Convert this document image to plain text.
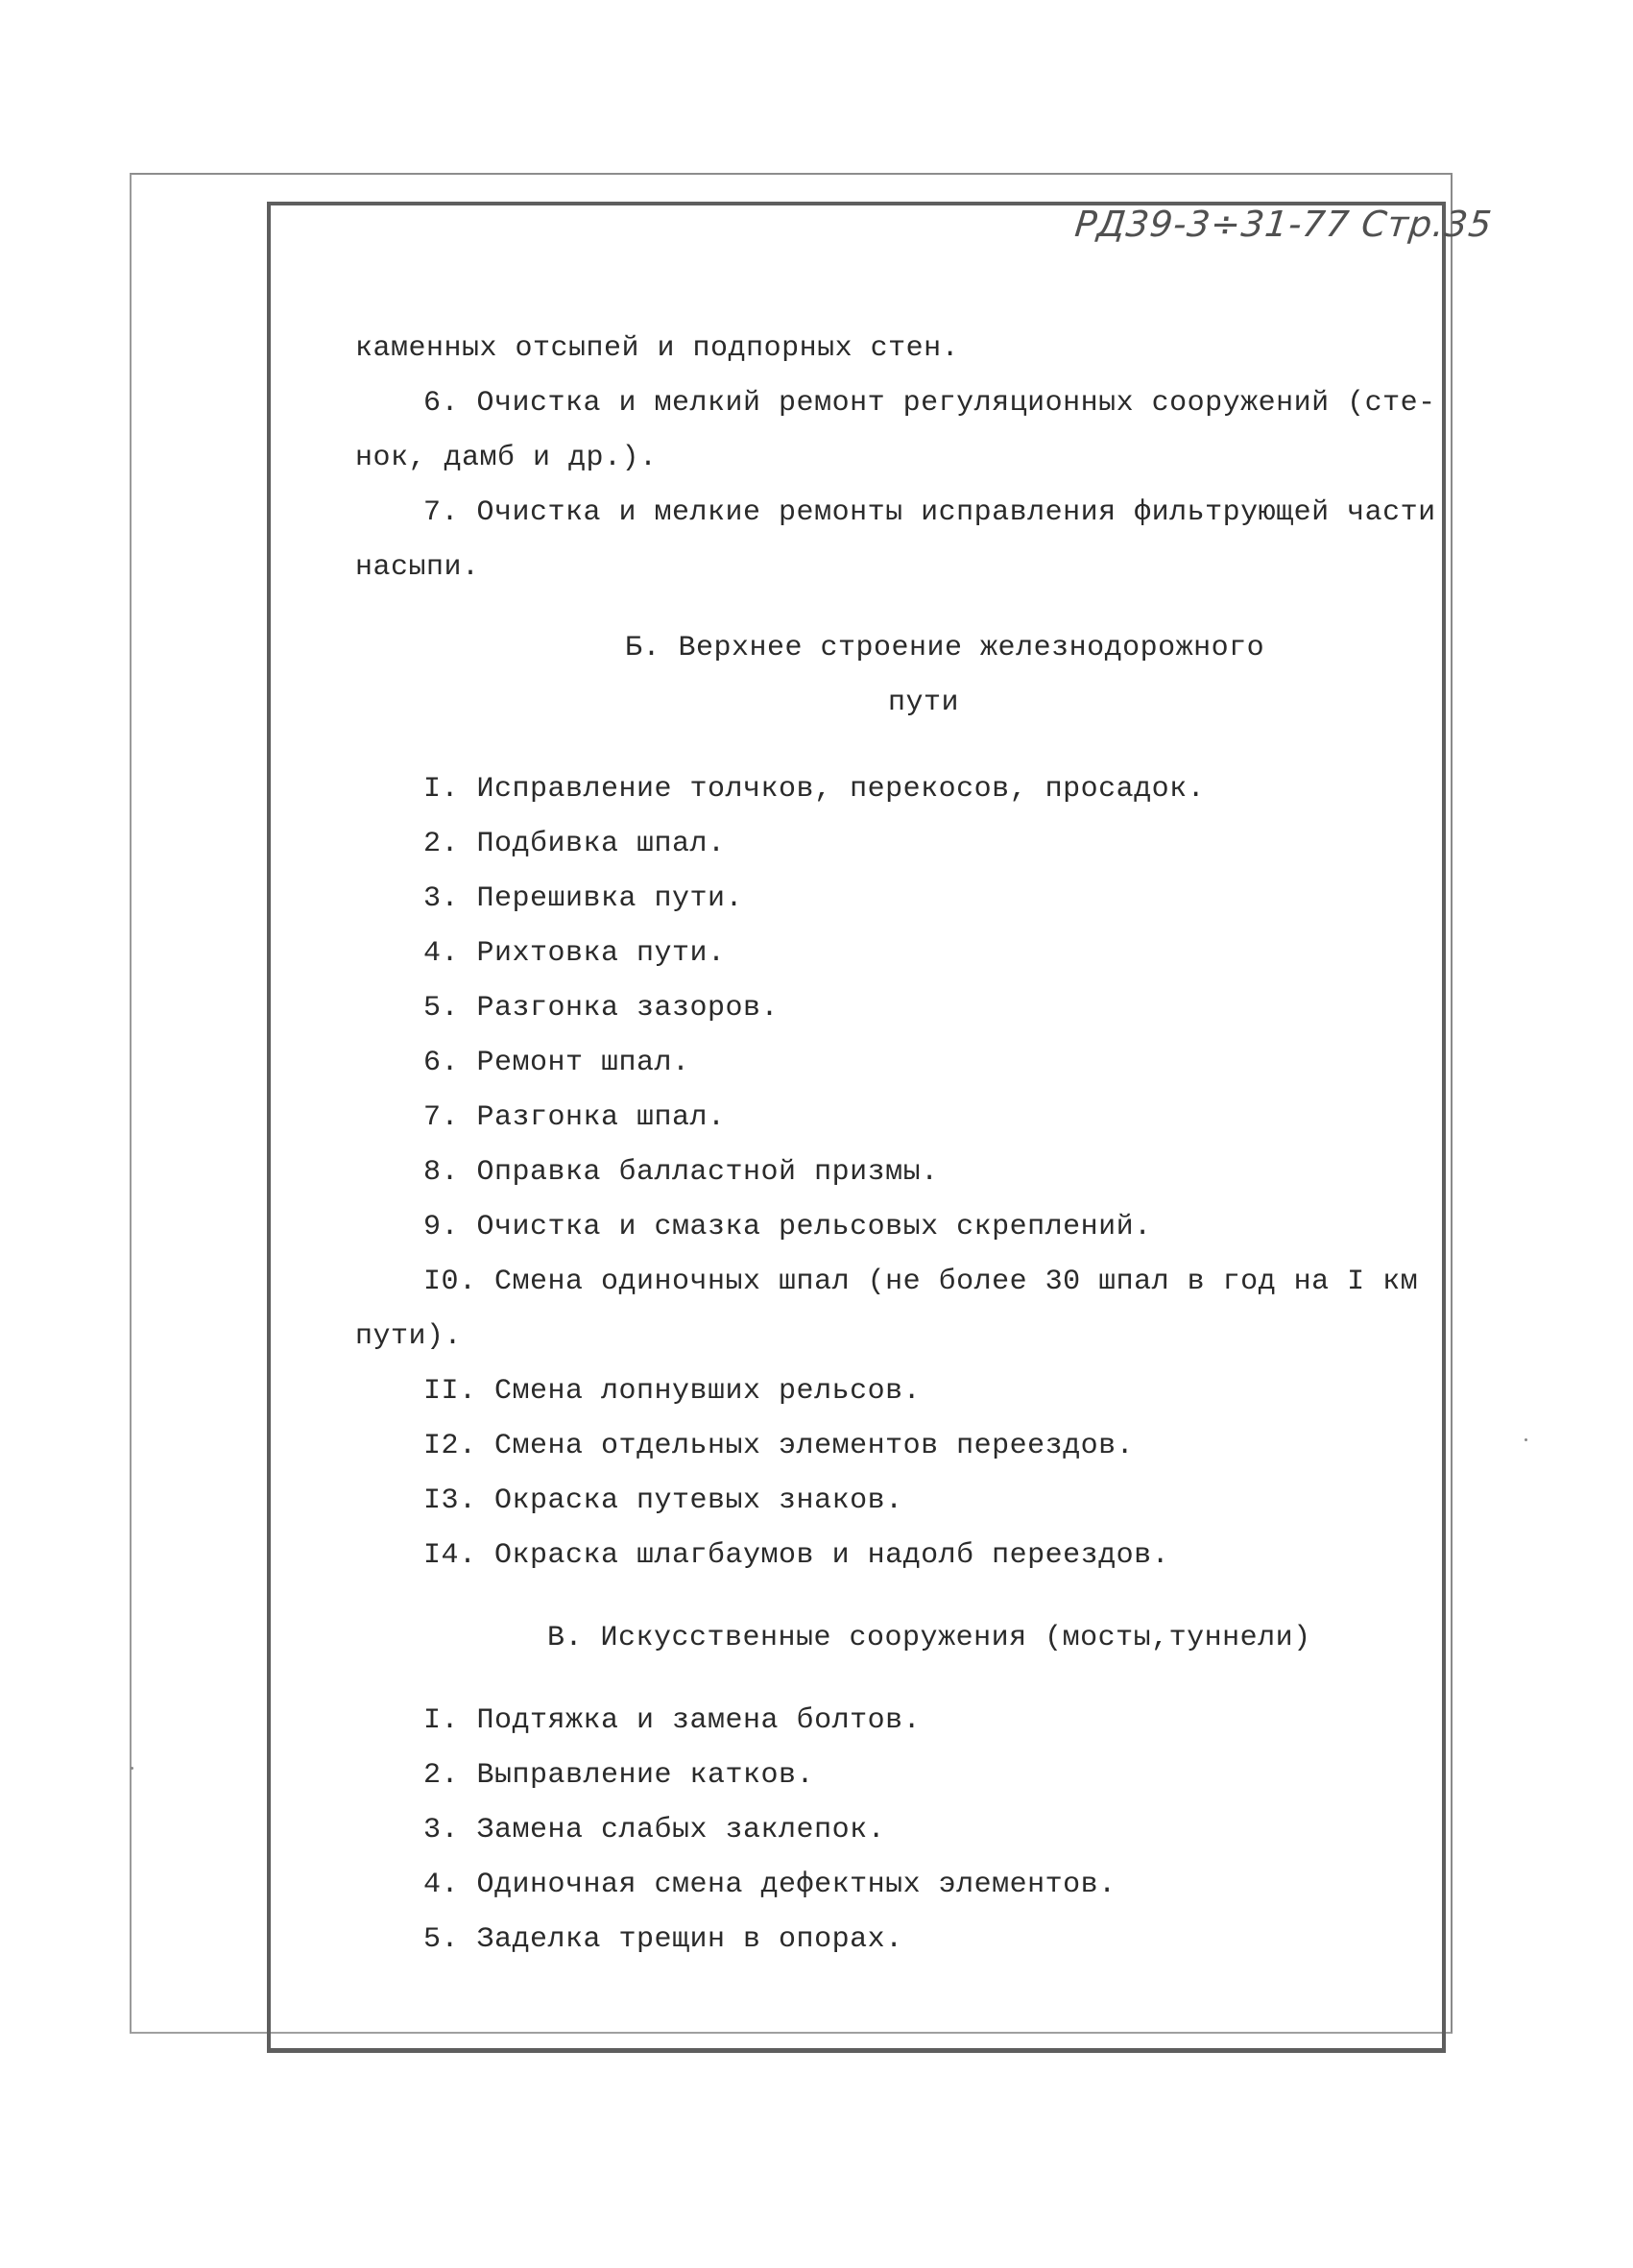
РД39-3÷31-77 Стр.35
каменных отсыпей и подпорных стен.
6. Очистка и мелкий ремонт регуляционных сооружений (сте-
нок, дамб и др.).
7. Очистка и мелкие ремонты исправления фильтрующей части
насыпи.
Б. Верхнее строение железнодорожного
пути
I. Исправление толчков, перекосов, просадок.
2. Подбивка шпал.
3. Перешивка пути.
4. Рихтовка пути.
5. Разгонка зазоров.
6. Ремонт шпал.
7. Разгонка шпал.
8. Оправка балластной призмы.
9. Очистка и смазка рельсовых скреплений.
I0. Смена одиночных шпал (не более 30 шпал в год на I км
пути).
II. Смена лопнувших рельсов.
I2. Смена отдельных элементов переездов.
I3. Окраска путевых знаков.
I4. Окраска шлагбаумов и надолб переездов.
В. Искусственные сооружения (мосты,туннели)
I. Подтяжка и замена болтов.
2. Выправление катков.
3. Замена слабых заклепок.
4. Одиночная смена дефектных элементов.
5. Заделка трещин в опорах.
